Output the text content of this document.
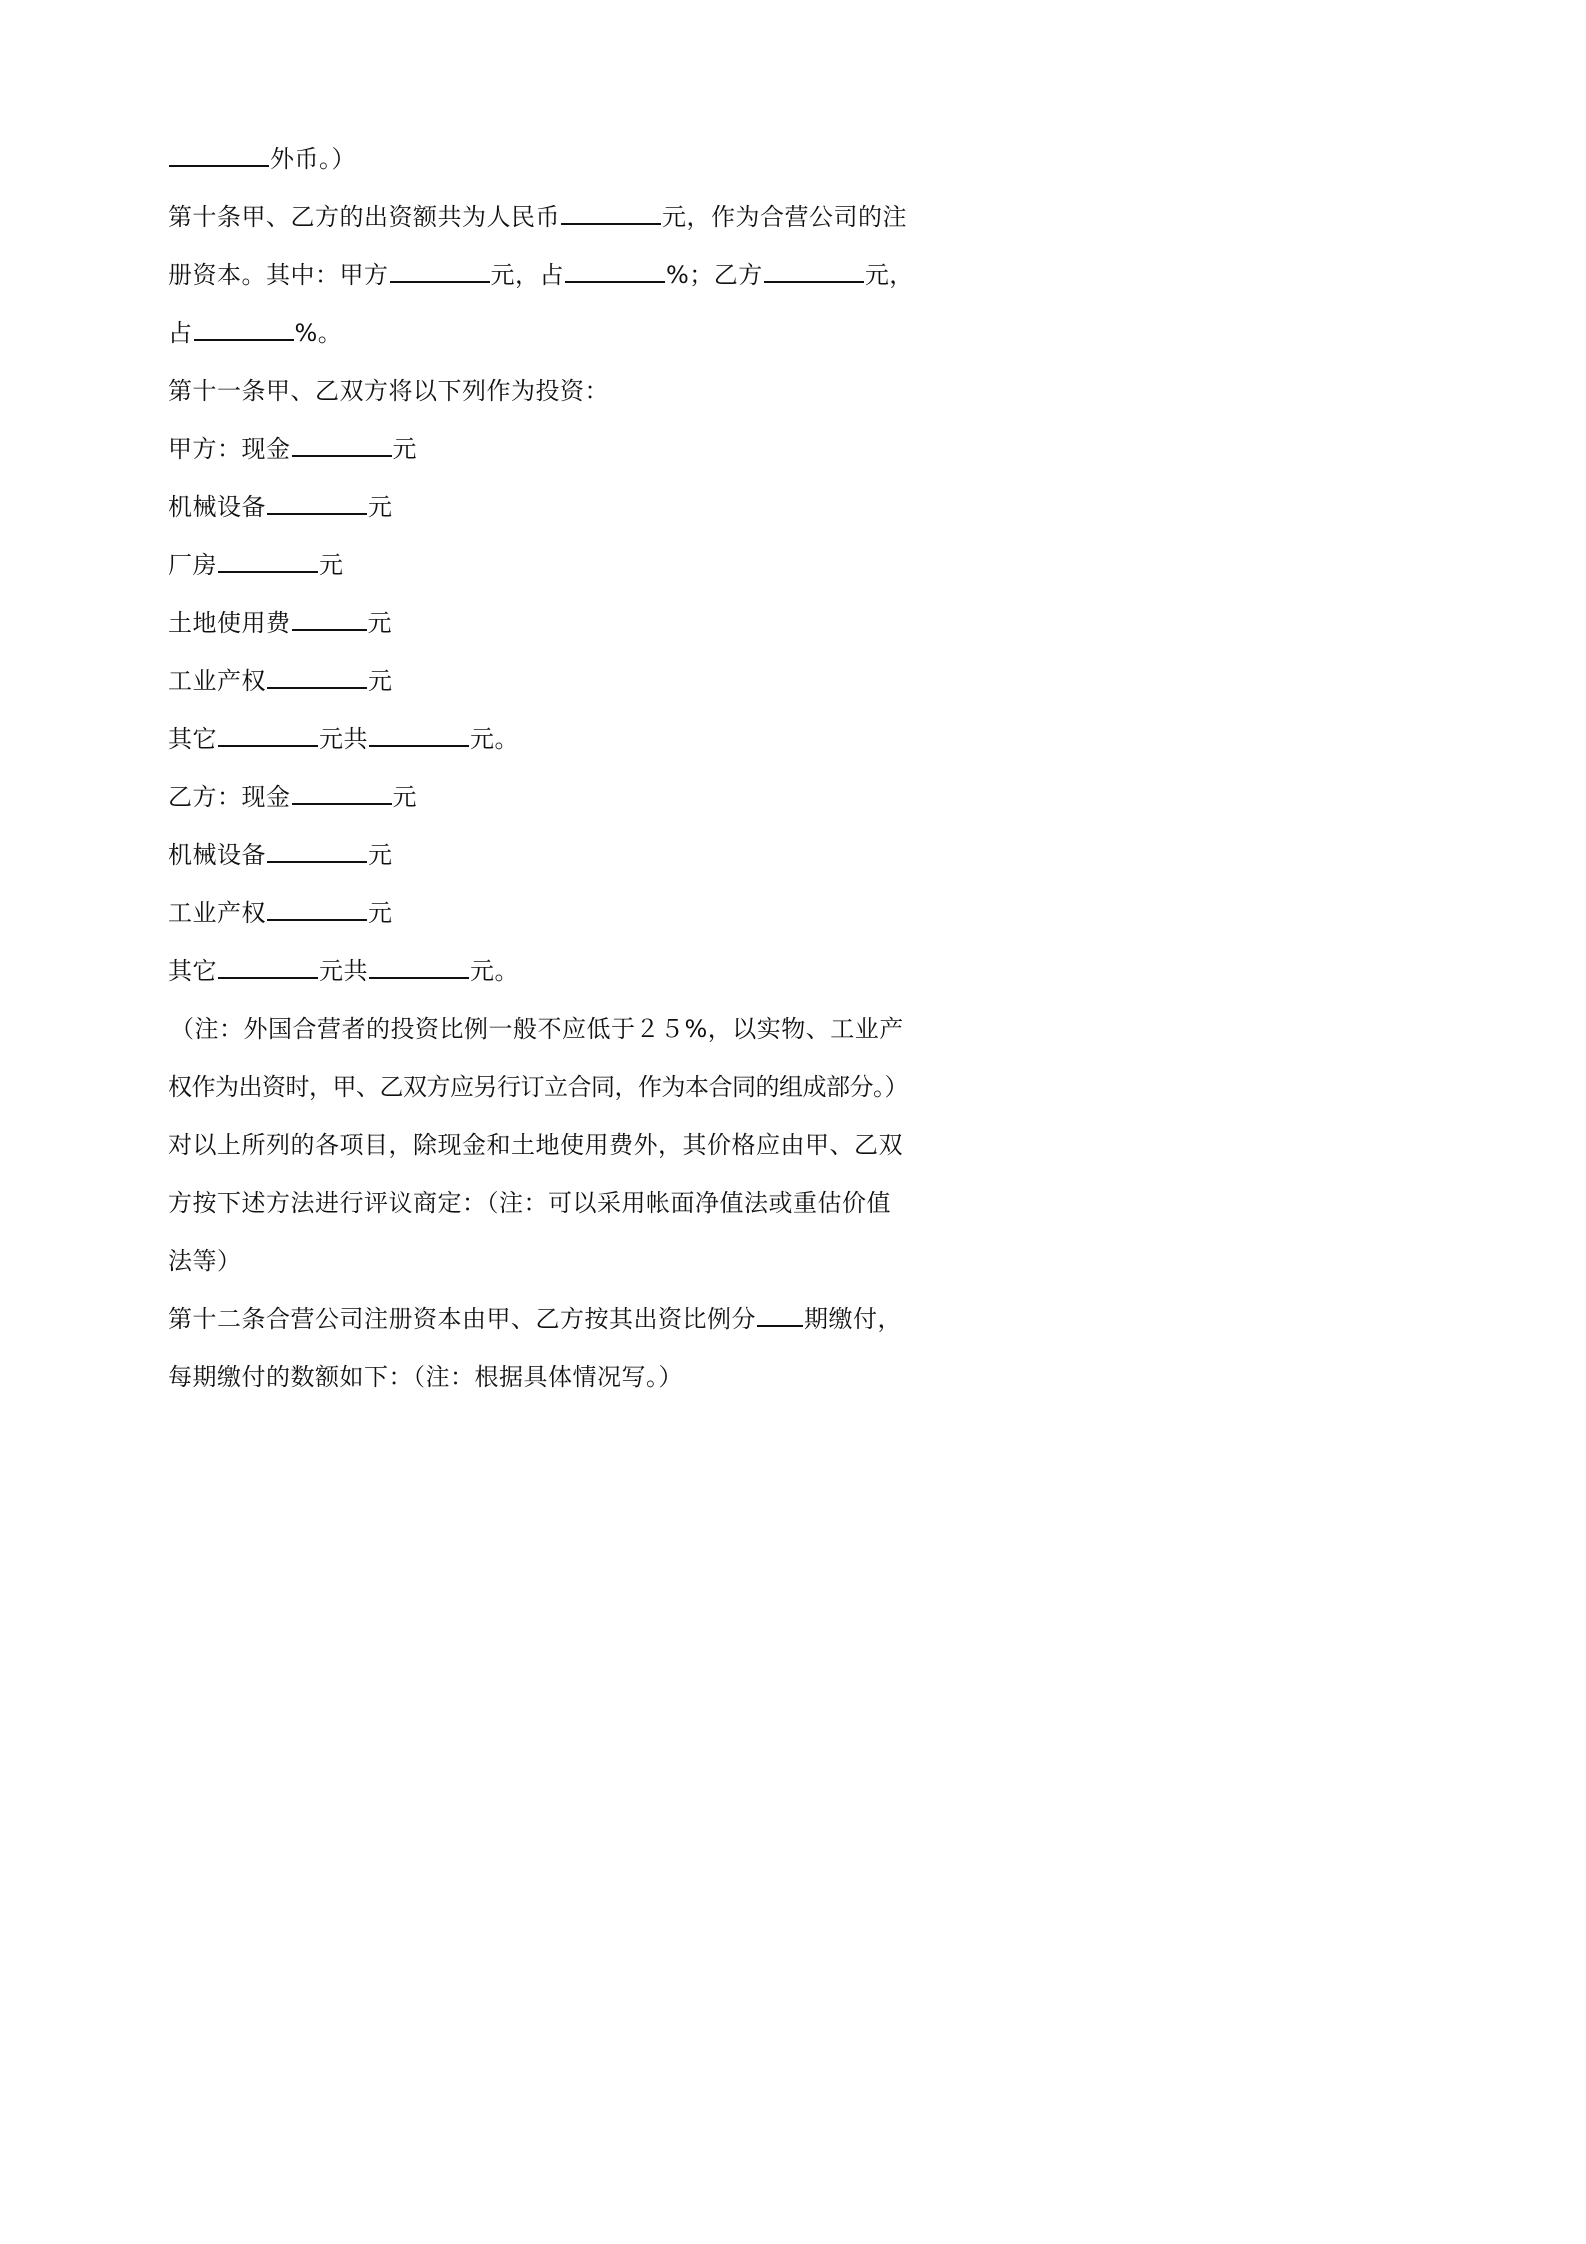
外币。）
第十条甲、乙方的出资额共为人民币	元，作为合营公司的注
册资本。其中：甲方	元，占	%；乙方	元，
占	%。
第十一条甲、乙双方将以下列作为投资：
甲方：现金	元
机械设备	元
厂房	元
土地使用费	元
工业产权	元
其它	元共	元。
乙方：现金	元
机械设备	元
工业产权	元
其它	元共	元。
（注：外国合营者的投资比例一般不应低于２５%，以实物、工业产
权作为出资时，甲、乙双方应另行订立合同，作为本合同的组成部分。）
对以上所列的各项目，除现金和土地使用费外，其价格应由甲、乙双
方按下述方法进行评议商定：（注：可以采用帐面净值法或重估价值
法等）
第十二条合营公司注册资本由甲、乙方按其出资比例分 期缴付，
每期缴付的数额如下：（注：根据具体情况写。）
